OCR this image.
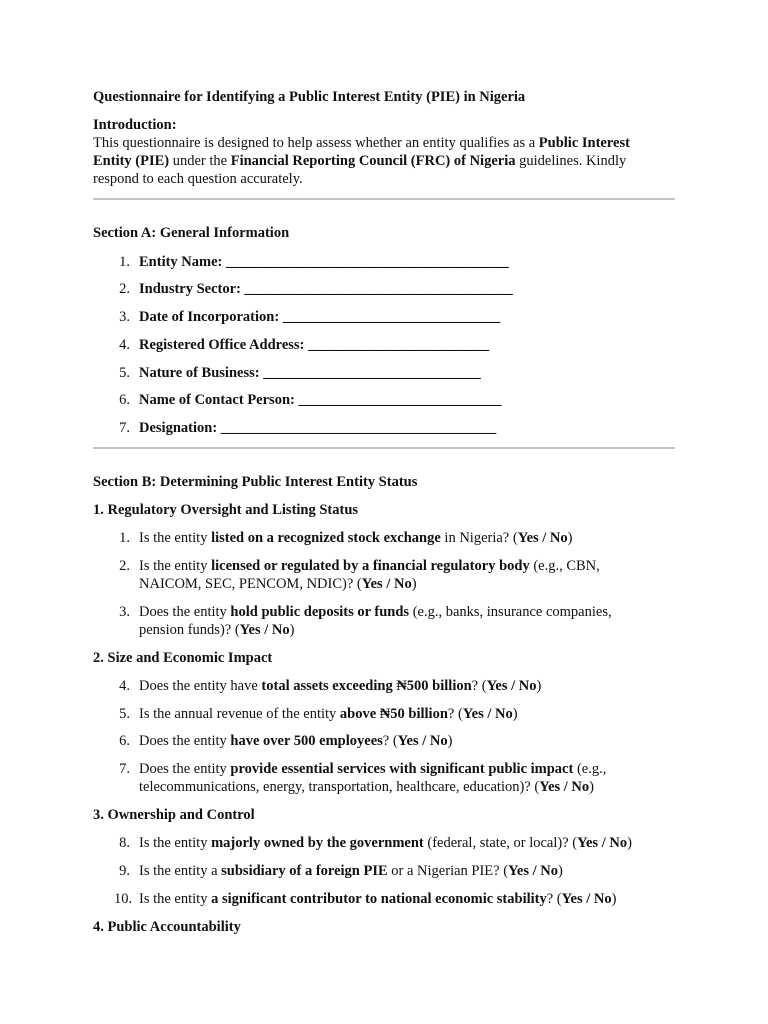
Questionnaire for Identifying a Public Interest Entity (PIE) in Nigeria
Introduction:
This questionnaire is designed to help assess whether an entity qualifies as a Public Interest
Entity (PIE) under the Financial Reporting Council (FRC) of Nigeria guidelines. Kindly
respond to each question accurately.
Section A: General Information
1. Entity Name: _______________________________________
2. Industry Sector: _____________________________________
3. Date of Incorporation: ______________________________
4. Registered Office Address: _________________________
5. Nature of Business: ______________________________
6. Name of Contact Person: ____________________________
7. Designation: ______________________________________
Section B: Determining Public Interest Entity Status
1. Regulatory Oversight and Listing Status
1. Is the entity listed on a recognized stock exchange in Nigeria? (Yes / No)
2. Is the entity licensed or regulated by a financial regulatory body (e.g., CBN,
NAICOM, SEC, PENCOM, NDIC)? (Yes / No)
3. Does the entity hold public deposits or funds (e.g., banks, insurance companies,
pension funds)? (Yes / No)
2. Size and Economic Impact
4. Does the entity have total assets exceeding ₦500 billion? (Yes / No)
5. Is the annual revenue of the entity above ₦50 billion? (Yes / No)
6. Does the entity have over 500 employees? (Yes / No)
7. Does the entity provide essential services with significant public impact (e.g.,
telecommunications, energy, transportation, healthcare, education)? (Yes / No)
3. Ownership and Control
8. Is the entity majorly owned by the government (federal, state, or local)? (Yes / No)
9. Is the entity a subsidiary of a foreign PIE or a Nigerian PIE? (Yes / No)
10. Is the entity a significant contributor to national economic stability? (Yes / No)
4. Public Accountability
